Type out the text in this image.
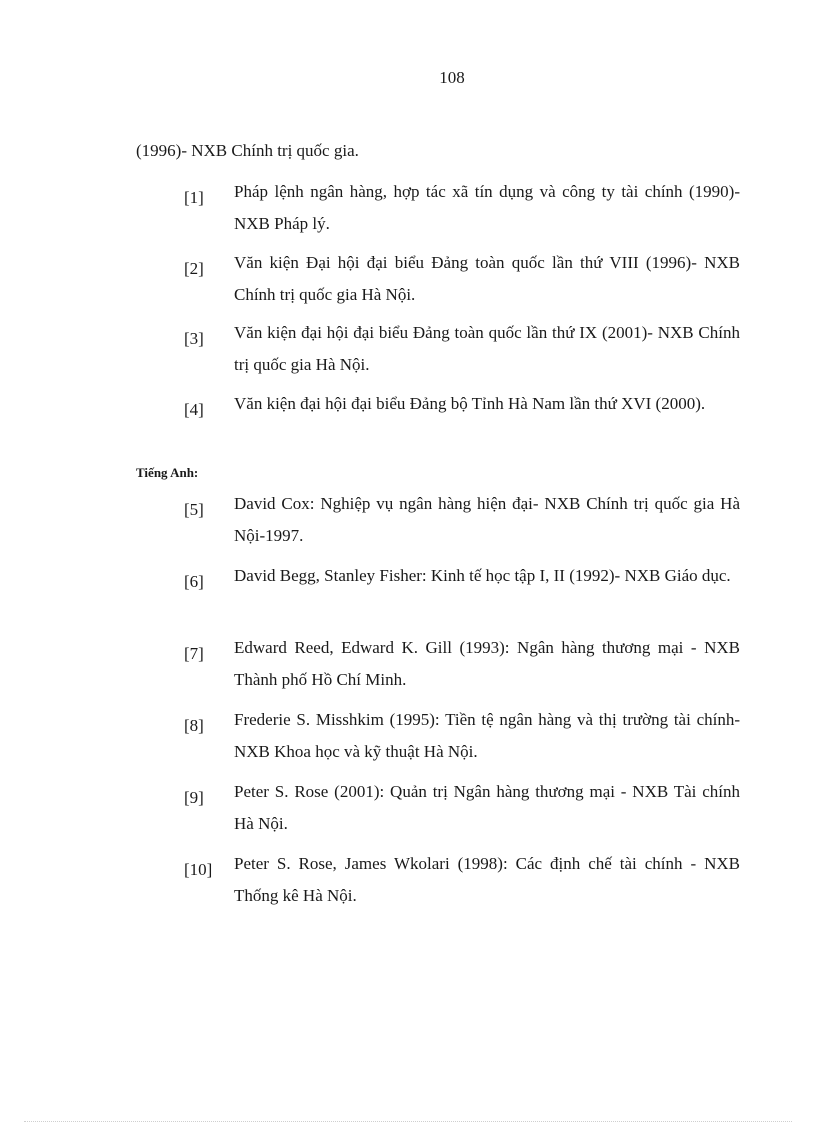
108
(1996)- NXB Chính trị quốc gia.
[1]	Pháp lệnh ngân hàng, hợp tác xã tín dụng và công ty tài chính (1990)- NXB Pháp lý.
[2]	Văn kiện Đại hội đại biểu Đảng toàn quốc lần thứ VIII (1996)- NXB Chính trị quốc gia Hà Nội.
[3]	Văn kiện đại hội đại biểu Đảng toàn quốc lần thứ IX (2001)- NXB Chính trị quốc gia Hà Nội.
[4]	Văn kiện đại hội đại biểu Đảng bộ Tỉnh Hà Nam lần thứ XVI (2000).
Tiếng Anh:
[5]	David Cox: Nghiệp vụ ngân hàng hiện đại- NXB Chính trị quốc gia Hà Nội-1997.
[6]	David Begg, Stanley Fisher: Kinh tế học tập I, II (1992)- NXB Giáo dục.
[7]	Edward Reed, Edward K. Gill (1993): Ngân hàng thương mại - NXB Thành phố Hồ Chí Minh.
[8]	Frederie S. Misshkim (1995): Tiền tệ ngân hàng và thị trường tài chính- NXB Khoa học và kỹ thuật Hà Nội.
[9]	Peter S. Rose (2001): Quản trị Ngân hàng thương mại - NXB Tài chính Hà Nội.
[10]	Peter S. Rose, James Wkolari (1998): Các định chế tài chính - NXB Thống kê Hà Nội.
